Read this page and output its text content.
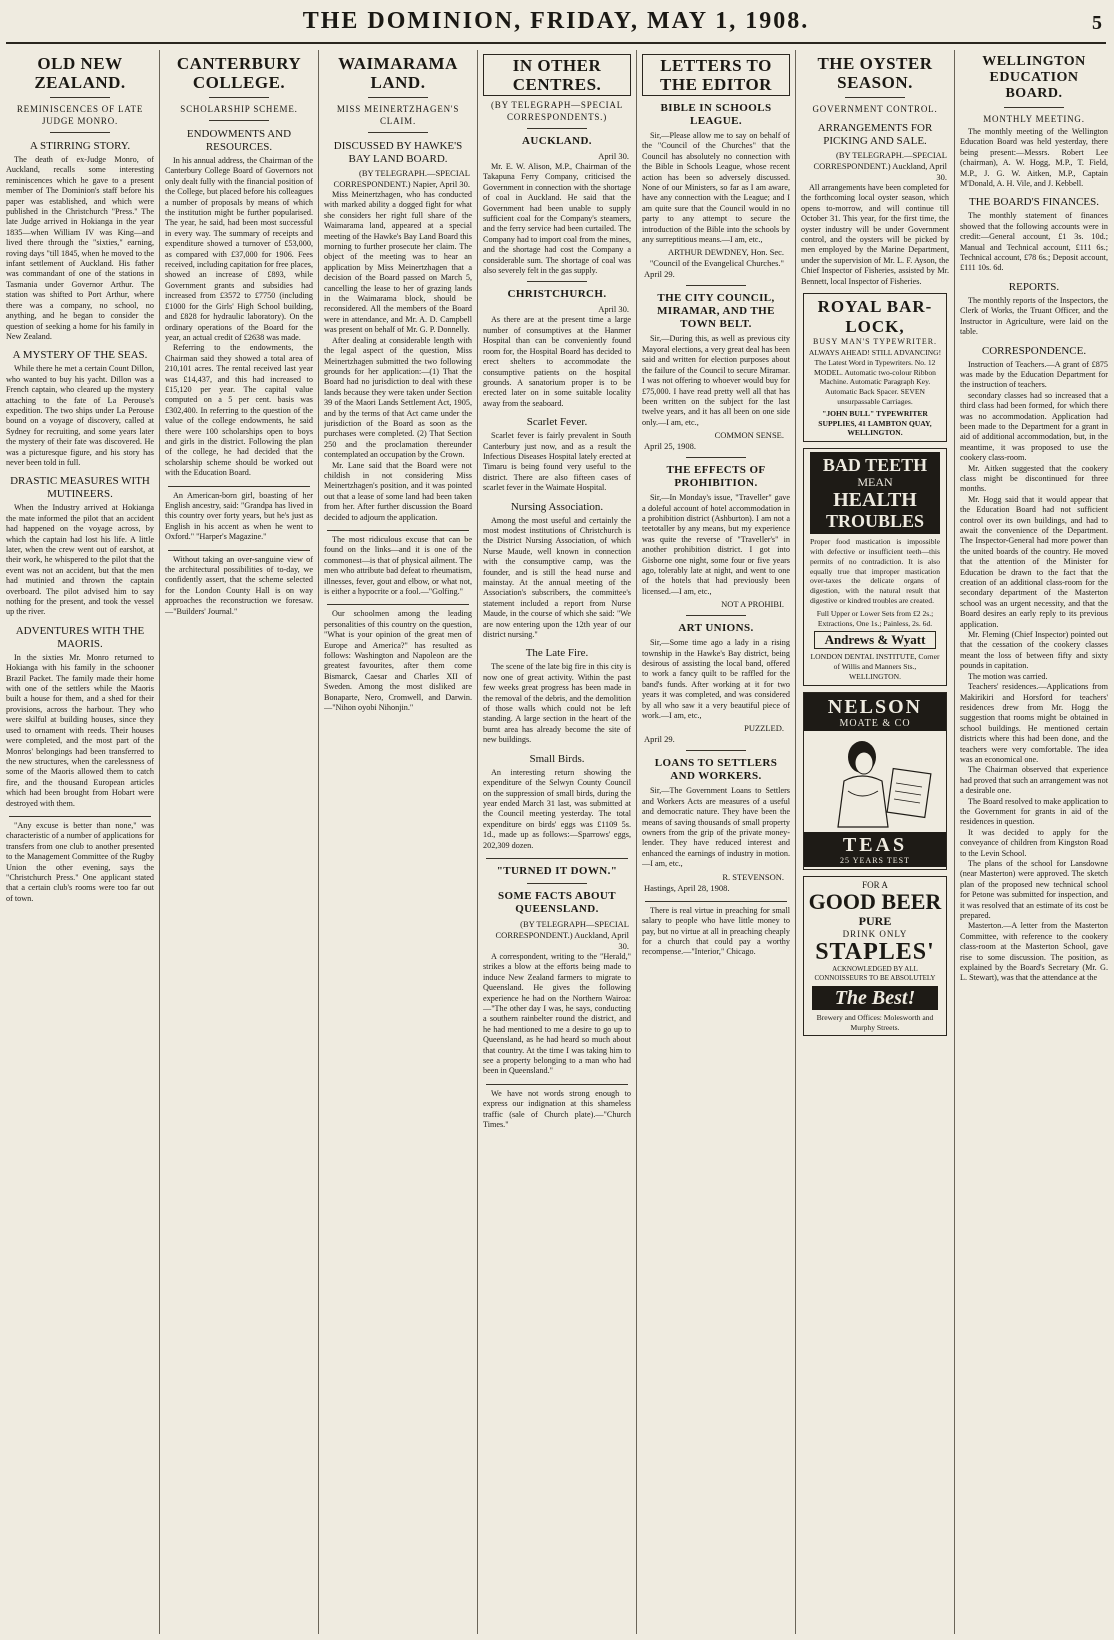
THE DOMINION, FRIDAY, MAY 1, 1908.	5
OLD NEW ZEALAND.
REMINISCENCES OF LATE JUDGE MONRO.
A STIRRING STORY.

The death of ex-Judge Monro, of Auckland, recalls some interesting reminiscences which he gave to a present member of The Dominion's staff before his paper was established, and which were published in the Christchurch "Press." The late Judge arrived in Hokianga in the year 1835—when William IV was King—and lived there through the "sixties," earning, roving days "till 1845, when he moved to the infant settlement of Auckland. His father was commandant of one of the stations in Tasmania under Governor Arthur. The station was shifted to Port Arthur, where there was a company, no school, no anything, and he began to consider the question of seeking a home for his family in New Zealand.

A MYSTERY OF THE SEAS.

While there he met a certain Count Dillon, who wanted to buy his yacht. Dillon was a French captain, who cleared up the mystery attaching to the fate of La Perouse's expedition. The two ships under La Perouse bound on a voyage of discovery, called at Sydney for recruiting, and some years later the mystery of their fate was discovered. He was a picturesque figure, and his story has never been told in full.

DRASTIC MEASURES WITH MUTINEERS.

When the Industry arrived at Hokianga the mate informed the pilot that an accident had happened on the voyage across, by which the captain had lost his life. A little later, when the crew went out of earshot, at their work, he whispered to the pilot that the event was not an accident, but that the men had mutinied and thrown the captain overboard. The pilot advised him to say nothing for the present, and took the vessel up the river.

ADVENTURES WITH THE MAORIS.

In the sixties Mr. Monro returned to Hokianga with his family in the schooner Brazil Packet. The family made their home with one of the settlers while the Maoris built a house for them, and a shed for their provisions, across the harbour. They who were skilful at building houses, since they used to ornament with reeds. Their houses were completed, and the most part of the Monros' belongings had been transferred to the new structures, when the carelessness of some of the Maoris allowed them to catch fire, and the thousand European articles which had been brought from Hobart were destroyed with them.

"Any excuse is better than none," was characteristic of a number of applications for transfers from one club to another presented to the Management Committee of the Rugby Union the other evening, says the "Christchurch Press." One applicant stated that a certain club's rooms were too far out of town.

CANTERBURY COLLEGE.
SCHOLARSHIP SCHEME.
ENDOWMENTS AND RESOURCES.

In his annual address, the Chairman of the Canterbury College Board of Governors not only dealt fully with the financial position of the College, but placed before his colleagues a number of proposals by means of which the institution might be further popularised. The year, he said, had been most successful in every way. The summary of receipts and expenditure showed a turnover of £53,000, as compared with £37,000 for 1906. Fees received, including capitation for free places, showed an increase of £893, while Government grants and subsidies had increased from £3572 to £7750 (including £1000 for the Girls' High School building, and £828 for hydraulic laboratory). On the ordinary operations of the Board for the year, an actual credit of £2638 was made.

Referring to the endowments, the Chairman said they showed a total area of 210,101 acres. The rental received last year was £14,437, and this had increased to £15,120 per year. The capital value computed on a 5 per cent. basis was £302,400. In referring to the question of the value of the college endowments, he said there were 100 scholarships open to boys and girls in the district. Following the plan of the college, he had decided that the scholarship scheme should be worked out with the Education Board.

An American-born girl, boasting of her English ancestry, said: "Grandpa has lived in this country over forty years, but he's just as English in his accent as when he went to Oxford." "Harper's Magazine."

Without taking an over-sanguine view of the architectural possibilities of to-day, we confidently assert, that the scheme selected for the London County Hall is on way approaches the reconstruction we foresaw.—"Builders' Journal."

WAIMARAMA LAND.
MISS MEINERTZHAGEN'S CLAIM.
DISCUSSED BY HAWKE'S BAY LAND BOARD.
(BY TELEGRAPH.—SPECIAL CORRESPONDENT.) Napier, April 30.

Miss Meinertzhagen, who has conducted with marked ability a dogged fight for what she considers her right full share of the Waimarama land, appeared at a special meeting of the Hawke's Bay Land Board this morning to further prosecute her claim. The object of the meeting was to hear an application by Miss Meinertzhagen that a decision of the Board passed on March 5, cancelling the lease to her of grazing lands in the Waimarama block, should be reconsidered. All the members of the Board were in attendance, and Mr. A. D. Campbell was present on behalf of Mr. G. P. Donnelly.

After dealing at considerable length with the legal aspect of the question, Miss Meinertzhagen submitted the two following grounds for her application:—(1) That the Board had no jurisdiction to deal with these lands because they were taken under Section 39 of the Maori Lands Settlement Act, 1905, and by the terms of that Act came under the jurisdiction of the Board as soon as the purchases were completed. (2) That Section 250 and the proclamation thereunder contemplated an occupation by the Crown.

Mr. Lane said that the Board were not childish in not considering Miss Meinertzhagen's position, and it was pointed out that a lease of some land had been taken from her. After further discussion the Board decided to adjourn the application.

The most ridiculous excuse that can be found on the links—and it is one of the commonest—is that of physical ailment. The men who attribute bad defeat to rheumatism, illnesses, fever, gout and elbow, or what not, is either a hypocrite or a fool.—"Golfing."

Our schoolmen among the leading personalities of this country on the question, "What is your opinion of the great men of Europe and America?" has resulted as follows: Washington and Napoleon are the greatest favourites, after them come Bismarck, Caesar and Charles XII of Sweden. Among the most disliked are Bonaparte, Nero, Cromwell, and Darwin.—"Nihon oyobi Nihonjin."

IN OTHER CENTRES.
(BY TELEGRAPH—SPECIAL CORRESPONDENTS.)
AUCKLAND.
April 30.

Mr. E. W. Alison, M.P., Chairman of the Takapuna Ferry Company, criticised the Government in connection with the shortage of coal in Auckland. He said that the Government had been unable to supply sufficient coal for the Company's steamers, and the ferry service had been curtailed. The Company had to import coal from the mines, and the shortage had cost the Company a considerable sum. The shortage of coal was also severely felt in the gas supply.

CHRISTCHURCH.
April 30.

As there are at the present time a large number of consumptives at the Hanmer Hospital than can be conveniently found room for, the Hospital Board has decided to erect shelters to accommodate the consumptive patients on the hospital grounds. A sanatorium proper is to be erected later on in some suitable locality away from the seaboard.

Scarlet Fever.

Scarlet fever is fairly prevalent in South Canterbury just now, and as a result the Infectious Diseases Hospital lately erected at Timaru is being found very useful to the district. There are also fifteen cases of scarlet fever in the Waimate Hospital.

Nursing Association.

Among the most useful and certainly the most modest institutions of Christchurch is the District Nursing Association, of which Nurse Maude, well known in connection with the consumptive camp, was the founder, and is still the head nurse and mainstay. At the annual meeting of the Association's subscribers, the committee's statement included a report from Nurse Maude, in the course of which she said: "We are now entering upon the 12th year of our district nursing."

The Late Fire.

The scene of the late big fire in this city is now one of great activity. Within the past few weeks great progress has been made in the removal of the debris, and the demolition of those walls which could not be left standing. A large section in the heart of the burnt area has already become the site of new buildings.

Small Birds.

An interesting return showing the expenditure of the Selwyn County Council on the suppression of small birds, during the year ended March 31 last, was submitted at the Council meeting yesterday. The total expenditure on birds' eggs was £1109 5s. 1d., made up as follows:—Sparrows' eggs, 202,309 dozen.

"TURNED IT DOWN."
SOME FACTS ABOUT QUEENSLAND.
(BY TELEGRAPH—SPECIAL CORRESPONDENT.) Auckland, April 30.

A correspondent, writing to the "Herald," strikes a blow at the efforts being made to induce New Zealand farmers to migrate to Queensland. He gives the following experience he had on the Northern Wairoa:—"The other day I was, he says, conducting a southern rainbelter round the district, and he had mentioned to me a desire to go up to Queensland, as he had heard so much about that country. At the time I was taking him to see a property belonging to a man who had been in Queensland."

We have not words strong enough to express our indignation at this shameless traffic (sale of Church plate).—"Church Times."

LETTERS TO THE EDITOR
BIBLE IN SCHOOLS LEAGUE.

Sir,—Please allow me to say on behalf of the "Council of the Churches" that the Council has absolutely no connection with the Bible in Schools League, whose recent action has been so adversely discussed. None of our Ministers, so far as I am aware, have any connection with the League; and I am quite sure that the Council would in no party to any attempt to secure the introduction of the Bible into the schools by any surreptitious means.—I am, etc.,

ARTHUR DEWDNEY, Hon. Sec. "Council of the Evangelical Churches."
April 29.
THE CITY COUNCIL, MIRAMAR, AND THE TOWN BELT.

Sir,—During this, as well as previous city Mayoral elections, a very great deal has been said and written for election purposes about the failure of the Council to secure Miramar. I was not offering to whoever would buy for £75,000. I have read pretty well all that has been written on the subject for the last twelve years, and it has all been on one side only.—I am, etc.,

COMMON SENSE.
April 25, 1908.
THE EFFECTS OF PROHIBITION.

Sir,—In Monday's issue, "Traveller" gave a doleful account of hotel accommodation in a prohibition district (Ashburton). I am not a teetotaller by any means, but my experience was quite the reverse of "Traveller's" in another prohibition district. I got into Gisborne one night, some four or five years ago, tolerably late at night, and went to one of the hotels that had previously been licensed.—I am, etc.,

NOT A PROHIBI.
ART UNIONS.

Sir,—Some time ago a lady in a rising township in the Hawke's Bay district, being desirous of assisting the local band, offered to work a fancy quilt to be raffled for the band's funds. After working at it for two years it was completed, and was considered by all who saw it a very beautiful piece of work.—I am, etc.,

PUZZLED.
April 29.
LOANS TO SETTLERS AND WORKERS.

Sir,—The Government Loans to Settlers and Workers Acts are measures of a useful and democratic nature. They have been the means of saving thousands of small property owners from the grip of the private money-lender. They have reduced interest and enhanced the earnings of industry in motion.—I am, etc.,

R. STEVENSON.
Hastings, April 28, 1908.

There is real virtue in preaching for small salary to people who have little money to pay, but no virtue at all in preaching cheaply for a church that could pay a worthy recompense.—"Interior," Chicago.

THE OYSTER SEASON.
GOVERNMENT CONTROL.
ARRANGEMENTS FOR PICKING AND SALE.
(BY TELEGRAPH.—SPECIAL CORRESPONDENT.) Auckland, April 30.

All arrangements have been completed for the forthcoming local oyster season, which opens to-morrow, and will continue till October 31. This year, for the first time, the oyster industry will be under Government control, and the oysters will be picked by men employed by the Marine Department, under the supervision of Mr. L. F. Ayson, the Chief Inspector of Fisheries, assisted by Mr. Bennett, local Inspector of Fisheries.

ROYAL BAR-LOCK,
BUSY MAN'S TYPEWRITER.
ALWAYS AHEAD! STILL ADVANCING! The Latest Word in Typewriters. No. 12 MODEL. Automatic two-colour Ribbon Machine. Automatic Paragraph Key. Automatic Back Spacer. SEVEN unsurpassable Carriages.
"JOHN BULL" TYPEWRITER SUPPLIES, 41 LAMBTON QUAY, WELLINGTON.
BAD TEETH
MEAN
HEALTH
TROUBLES
Proper food mastication is impossible with defective or insufficient teeth—this permits of no contradiction. It is also equally true that improper mastication over-taxes the delicate organs of digestion, with the natural result that digestive or kindred troubles are created.
Full Upper or Lower Sets from £2 2s.; Extractions, One 1s.; Painless, 2s. 6d.
Andrews & Wyatt
LONDON DENTAL INSTITUTE, Corner of Willis and Manners Sts., WELLINGTON.
NELSON
MOATE & CO
TEAS
25 YEARS TEST
FOR A
GOOD BEER
PURE
DRINK ONLY
STAPLES'
ACKNOWLEDGED BY ALL CONNOISSEURS TO BE ABSOLUTELY
The Best!
Brewery and Offices: Molesworth and Murphy Streets.
WELLINGTON EDUCATION BOARD.
MONTHLY MEETING.

The monthly meeting of the Wellington Education Board was held yesterday, there being present:—Messrs. Robert Lee (chairman), A. W. Hogg, M.P., T. Field, M.P., J. G. W. Aitken, M.P., Captain M'Donald, A. H. Vile, and J. Kebbell.

THE BOARD'S FINANCES.

The monthly statement of finances showed that the following accounts were in credit:—General account, £1 3s. 10d.; Manual and Technical account, £111 6s.; Technical account, £78 6s.; Deposit account, £111 10s. 6d.

REPORTS.

The monthly reports of the Inspectors, the Clerk of Works, the Truant Officer, and the Instructor in Agriculture, were laid on the table.

CORRESPONDENCE.

Instruction of Teachers.—A grant of £875 was made by the Education Department for the instruction of teachers.

secondary classes had so increased that a third class had been formed, for which there was no accommodation. Application had been made to the Department for a grant in aid of additional accommodation, but, in the meantime, it was proposed to use the cookery class-room.

Mr. Aitken suggested that the cookery class might be discontinued for three months.

Mr. Hogg said that it would appear that the Education Board had not sufficient control over its own buildings, and had to await the convenience of the Department. The Inspector-General had more power than the united boards of the country. He moved that the attention of the Minister for Education be drawn to the fact that the creation of an additional class-room for the secondary department of the Masterton school was an urgent necessity, and that the Board desires an early reply to its previous application.

Mr. Fleming (Chief Inspector) pointed out that the cessation of the cookery classes meant the loss of between fifty and sixty pounds in capitation.

The motion was carried.

Teachers' residences.—Applications from Makirikiri and Horsford for teachers' residences drew from Mr. Hogg the suggestion that rooms might be obtained in school buildings. He mentioned certain districts where this had been done, and the teachers were very comfortable. The idea was an economical one.

The Chairman observed that experience had proved that such an arrangement was not a desirable one.

The Board resolved to make application to the Government for grants in aid of the residences in question.

It was decided to apply for the conveyance of children from Kingston Road to the Levin School.

The plans of the school for Lansdowne (near Masterton) were approved. The sketch plan of the proposed new technical school for Petone was submitted for inspection, and it was resolved that an estimate of its cost be prepared.

Masterton.—A letter from the Masterton Committee, with reference to the cookery class-room at the Masterton School, gave rise to some discussion. The position, as explained by the Board's Secretary (Mr. G. L. Stewart), was that the attendance at the
